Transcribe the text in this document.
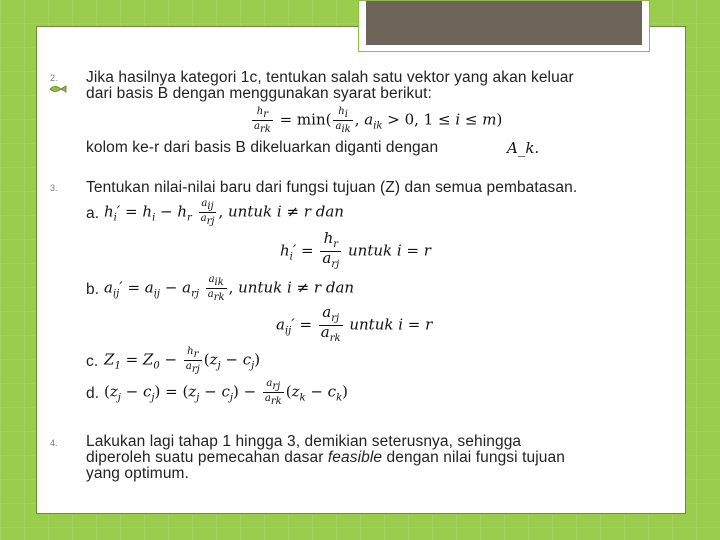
2. Jika hasilnya kategori 1c, tentukan salah satu vektor yang akan keluar
dari basis B dengan menggunakan syarat berikut:
$\frac{h_r}{a_{rk}} = \min( \frac{h_i}{a_{ik}}$ , $a_{ik} > 0$, 1 ≤ i ≤ m)
kolom ke-r dari basis B dikeluarkan diganti dengan	A_k.
3. Tentukan nilai-nilai baru dari fungsi tujuan (Z) dan semua pembatasan.
a. $h_i' = h_i - h_r \frac{a_{ij}}{a_{rj}}$ , untuk i ≠ r dan
$h_i' = \frac{h_r}{a_{rj}}$ untuk i = r
b. $a_{ij}' = a_{ij} - a_{rj} \frac{a_{ik}}{a_{rk}}$ , untuk i ≠ r dan
$a_{ij}' = \frac{a_{rj}}{a_{rk}}$ untuk i = r
c. $Z_1 = Z_0 - \frac{h_r}{a_{rj}} (z_j - c_j)$
d. $(z_j - c_j) = (z_j - c_j) - \frac{a_{rj}}{a_{rk}} (z_k - c_k)$
4. Lakukan lagi tahap 1 hingga 3, demikian seterusnya, sehingga
diperoleh suatu pemecahan dasar feasible dengan nilai fungsi tujuan
yang optimum.
